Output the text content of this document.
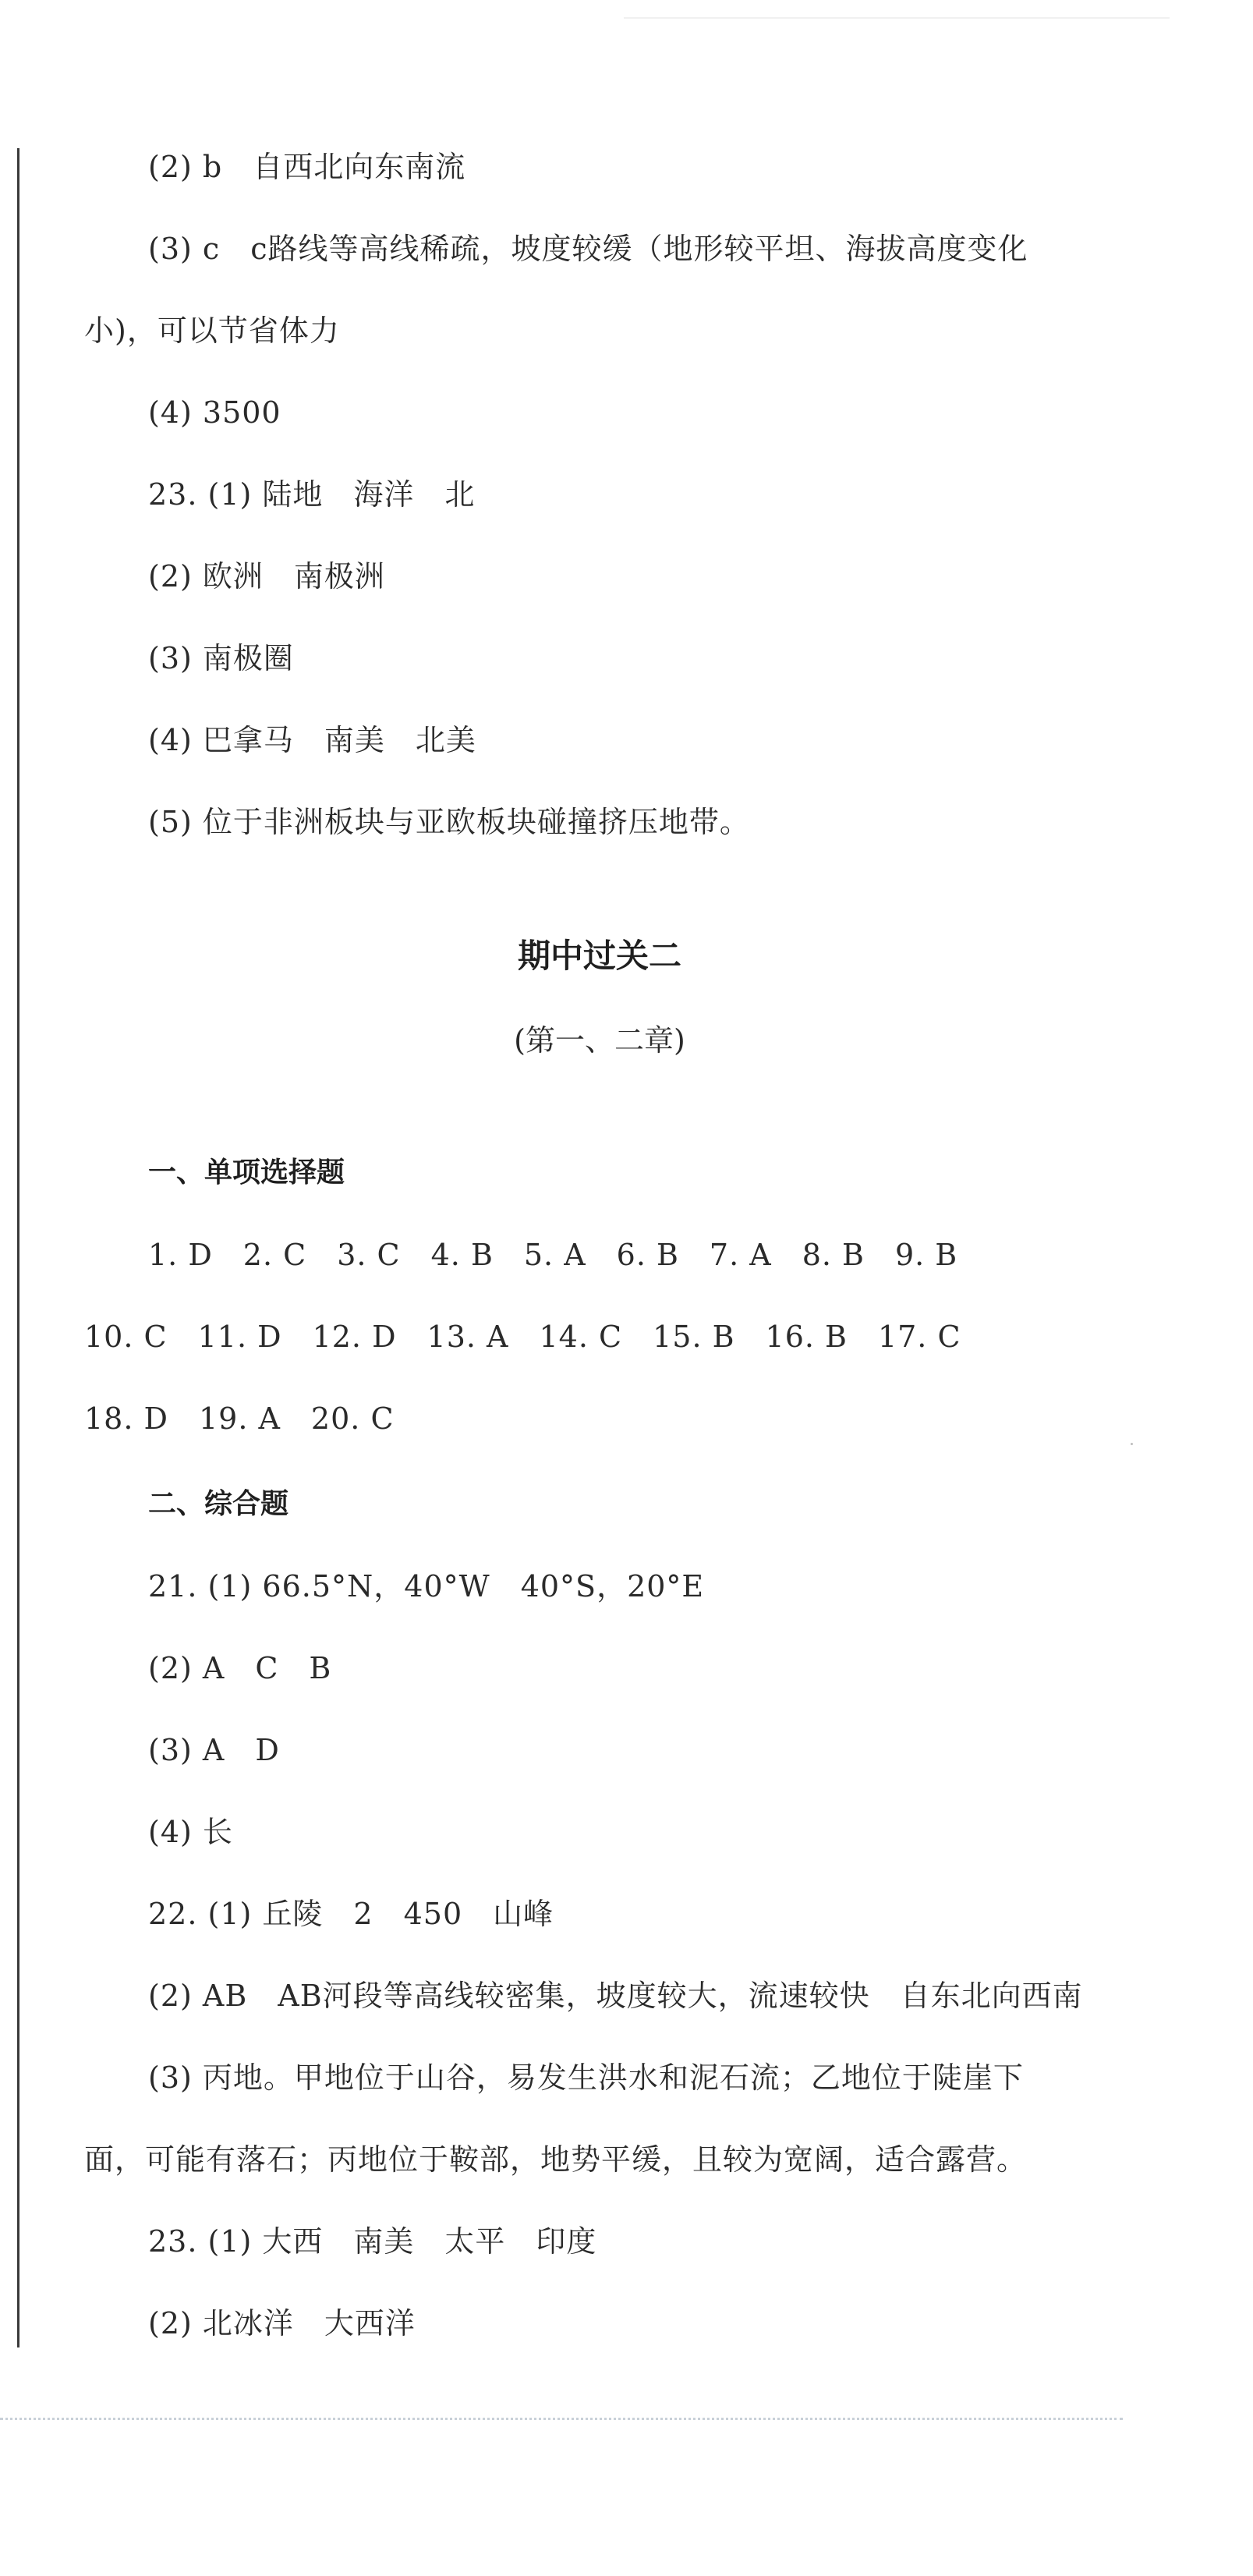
(2) b　自西北向东南流
(3) c　c路线等高线稀疏，坡度较缓（地形较平坦、海拔高度变化
小)，可以节省体力
(4) 3500
23. (1) 陆地　海洋　北
(2) 欧洲　南极洲
(3) 南极圈
(4) 巴拿马　南美　北美
(5) 位于非洲板块与亚欧板块碰撞挤压地带。
期中过关二
(第一、二章)
一、单项选择题
1. D　2. C　3. C　4. B　5. A　6. B　7. A　8. B　9. B
10. C　11. D　12. D　13. A　14. C　15. B　16. B　17. C
18. D　19. A　20. C
二、综合题
21. (1) 66.5°N，40°W　40°S，20°E
(2) A　C　B
(3) A　D
(4) 长
22. (1) 丘陵　2　450　山峰
(2) AB　AB河段等高线较密集，坡度较大，流速较快　自东北向西南
(3) 丙地。甲地位于山谷，易发生洪水和泥石流；乙地位于陡崖下
面，可能有落石；丙地位于鞍部，地势平缓，且较为宽阔，适合露营。
23. (1) 大西　南美　太平　印度
(2) 北冰洋　大西洋
